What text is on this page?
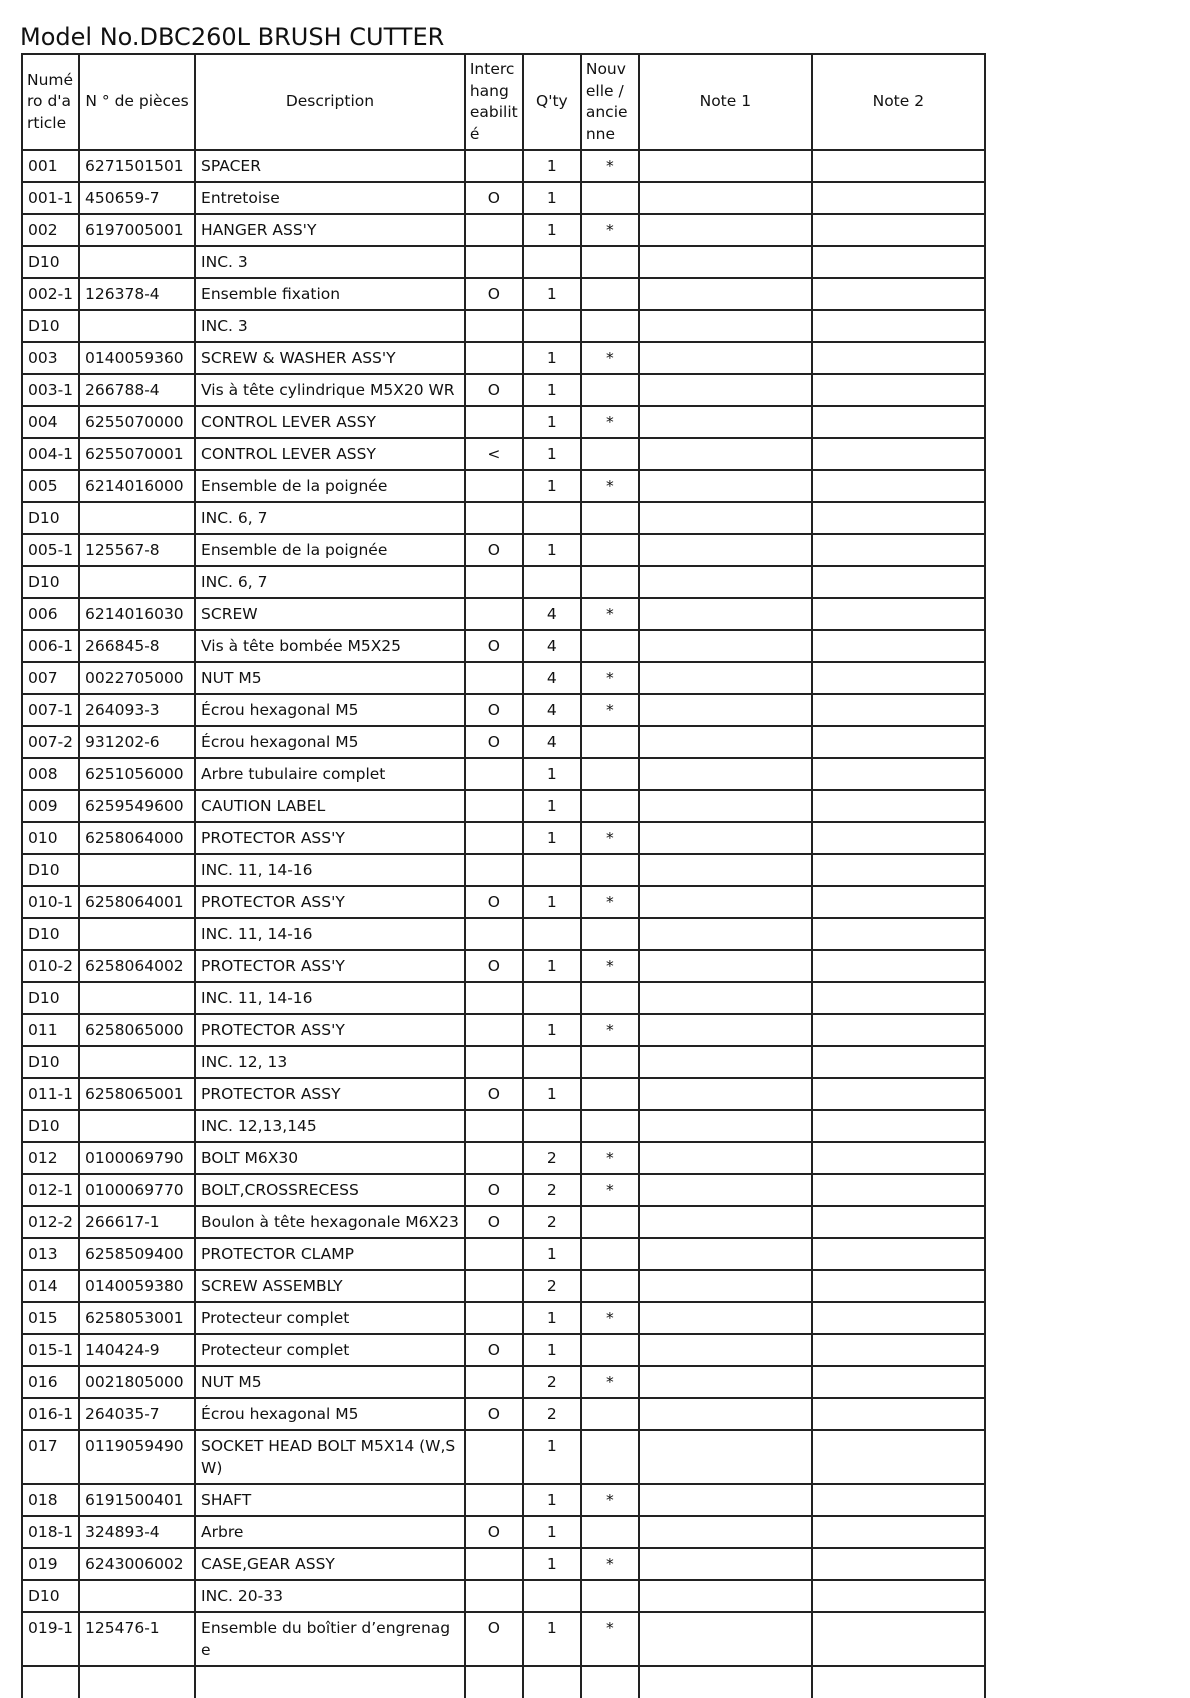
Model No.DBC260L BRUSH CUTTER
Numéro d'article	N ° de pièces	Description	Interchangeabilité	Q'ty	Nouvelle / ancienne	Note 1	Note 2
001	6271501501	SPACER		1	*		
001-1	450659-7	Entretoise	O	1			
002	6197005001	HANGER ASS'Y		1	*		
D10		INC. 3					
002-1	126378-4	Ensemble fixation	O	1			
D10		INC. 3					
003	0140059360	SCREW & WASHER ASS'Y		1	*		
003-1	266788-4	Vis à tête cylindrique M5X20 WR	O	1			
004	6255070000	CONTROL LEVER ASSY		1	*		
004-1	6255070001	CONTROL LEVER ASSY	<	1			
005	6214016000	Ensemble de la poignée		1	*		
D10		INC. 6, 7					
005-1	125567-8	Ensemble de la poignée	O	1			
D10		INC. 6, 7					
006	6214016030	SCREW		4	*		
006-1	266845-8	Vis à tête bombée M5X25	O	4			
007	0022705000	NUT M5		4	*		
007-1	264093-3	Écrou hexagonal M5	O	4	*		
007-2	931202-6	Écrou hexagonal M5	O	4			
008	6251056000	Arbre tubulaire complet		1			
009	6259549600	CAUTION LABEL		1			
010	6258064000	PROTECTOR ASS'Y		1	*		
D10		INC. 11, 14-16					
010-1	6258064001	PROTECTOR ASS'Y	O	1	*		
D10		INC. 11, 14-16					
010-2	6258064002	PROTECTOR ASS'Y	O	1	*		
D10		INC. 11, 14-16					
011	6258065000	PROTECTOR ASS'Y		1	*		
D10		INC. 12, 13					
011-1	6258065001	PROTECTOR ASSY	O	1			
D10		INC. 12,13,145					
012	0100069790	BOLT M6X30		2	*		
012-1	0100069770	BOLT,CROSSRECESS	O	2	*		
012-2	266617-1	Boulon à tête hexagonale M6X23	O	2			
013	6258509400	PROTECTOR CLAMP		1			
014	0140059380	SCREW ASSEMBLY		2			
015	6258053001	Protecteur complet		1	*		
015-1	140424-9	Protecteur complet	O	1			
016	0021805000	NUT M5		2	*		
016-1	264035-7	Écrou hexagonal M5	O	2			
017	0119059490	SOCKET HEAD BOLT M5X14 (W,SW)		1			
018	6191500401	SHAFT		1	*		
018-1	324893-4	Arbre	O	1			
019	6243006002	CASE,GEAR ASSY		1	*		
D10		INC. 20-33					
019-1	125476-1	Ensemble du boîtier d’engrenage	O	1	*		
